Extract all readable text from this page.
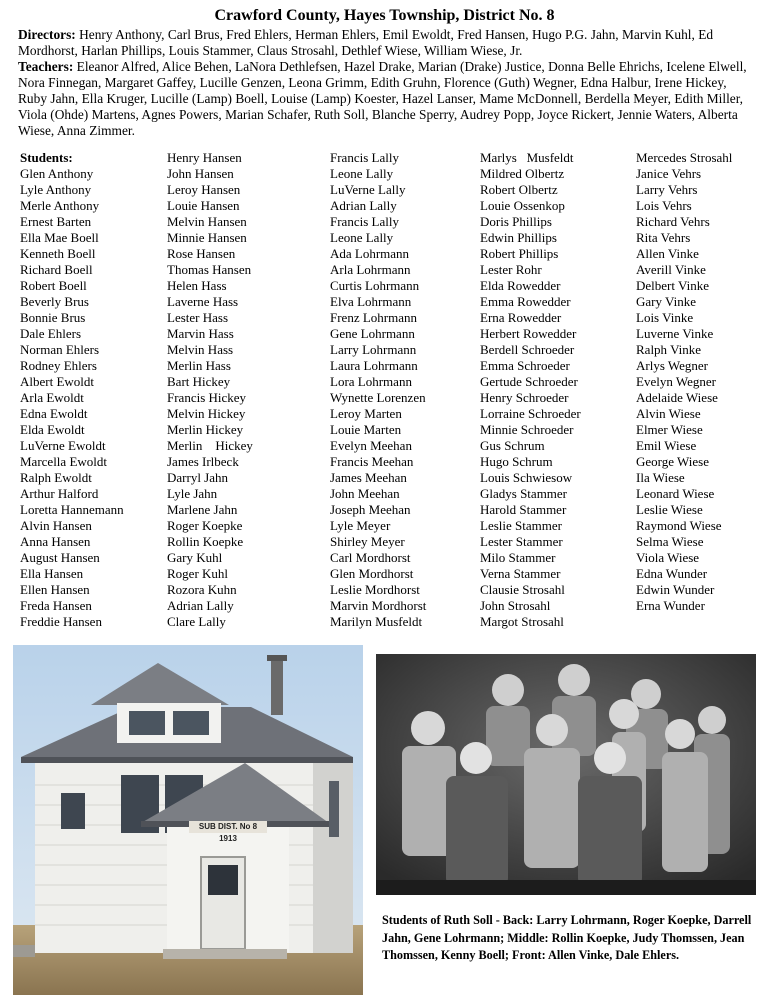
Crawford County, Hayes Township, District No. 8
Directors: Henry Anthony, Carl Brus, Fred Ehlers, Herman Ehlers, Emil Ewoldt, Fred Hansen, Hugo P.G. Jahn, Marvin Kuhl, Ed Mordhorst, Harlan Phillips, Louis Stammer, Claus Strosahl, Dethlef Wiese, William Wiese, Jr.
Teachers: Eleanor Alfred, Alice Behen, LaNora Dethlefsen, Hazel Drake, Marian (Drake) Justice, Donna Belle Ehrichs, Icelene Elwell, Nora Finnegan, Margaret Gaffey, Lucille Genzen, Leona Grimm, Edith Gruhn, Florence (Guth) Wegner, Edna Halbur, Irene Hickey, Ruby Jahn, Ella Kruger, Lucille (Lamp) Boell, Louise (Lamp) Koester, Hazel Lanser, Mame McDonnell, Berdella Meyer, Edith Miller, Viola (Ohde) Martens, Agnes Powers, Marian Schafer, Ruth Soll, Blanche Sperry, Audrey Popp, Joyce Rickert, Jennie Waters, Alberta Wiese, Anna Zimmer.
Students:
Glen Anthony
Lyle Anthony
Merle Anthony
Ernest Barten
Ella Mae Boell
Kenneth Boell
Richard Boell
Robert Boell
Beverly Brus
Bonnie Brus
Dale Ehlers
Norman Ehlers
Rodney Ehlers
Albert Ewoldt
Arla Ewoldt
Edna Ewoldt
Elda Ewoldt
LuVerne Ewoldt
Marcella Ewoldt
Ralph Ewoldt
Arthur Halford
Loretta Hannemann
Alvin Hansen
Anna Hansen
August Hansen
Ella Hansen
Ellen Hansen
Freda Hansen
Freddie Hansen
Henry Hansen
John Hansen
Leroy Hansen
Louie Hansen
Melvin Hansen
Minnie Hansen
Rose Hansen
Thomas Hansen
Helen Hass
Laverne Hass
Lester Hass
Marvin Hass
Melvin Hass
Merlin Hass
Bart Hickey
Francis Hickey
Melvin Hickey
Merlin Hickey
Merlin    Hickey
James Irlbeck
Darryl Jahn
Lyle Jahn
Marlene Jahn
Roger Koepke
Rollin Koepke
Gary Kuhl
Roger Kuhl
Rozora Kuhn
Adrian Lally
Clare Lally
Francis Lally
Leone Lally
LuVerne Lally
Adrian Lally
Francis Lally
Leone Lally
Ada Lohrmann
Arla Lohrmann
Curtis Lohrmann
Elva Lohrmann
Frenz Lohrmann
Gene Lohrmann
Larry Lohrmann
Laura Lohrmann
Lora Lohrmann
Wynette Lorenzen
Leroy Marten
Louie Marten
Evelyn Meehan
Francis Meehan
James Meehan
John Meehan
Joseph Meehan
Lyle Meyer
Shirley Meyer
Carl Mordhorst
Glen Mordhorst
Leslie Mordhorst
Marvin Mordhorst
Marilyn Musfeldt
Marlys   Musfeldt
Mildred Olbertz
Robert Olbertz
Louie Ossenkop
Doris Phillips
Edwin Phillips
Robert Phillips
Lester Rohr
Elda Rowedder
Emma Rowedder
Erna Rowedder
Herbert Rowedder
Berdell Schroeder
Emma Schroeder
Gertude Schroeder
Henry Schroeder
Lorraine Schroeder
Minnie Schroeder
Gus Schrum
Hugo Schrum
Louis Schwiesow
Gladys Stammer
Harold Stammer
Leslie Stammer
Lester Stammer
Milo Stammer
Verna Stammer
Clausie Strosahl
John Strosahl
Margot Strosahl
Mercedes Strosahl
Janice Vehrs
Larry Vehrs
Lois Vehrs
Richard Vehrs
Rita Vehrs
Allen Vinke
Averill Vinke
Delbert Vinke
Gary Vinke
Lois Vinke
Luverne Vinke
Ralph Vinke
Arlys Wegner
Evelyn Wegner
Adelaide Wiese
Alvin Wiese
Elmer Wiese
Emil Wiese
George Wiese
Ila Wiese
Leonard Wiese
Leslie Wiese
Raymond Wiese
Selma Wiese
Viola Wiese
Edna Wunder
Edwin Wunder
Erna Wunder
SUB DIST. No 8 1913
Students of Ruth Soll - Back: Larry Lohrmann, Roger Koepke, Darrell Jahn, Gene Lohrmann; Middle: Rollin Koepke, Judy Thomssen, Jean Thomssen, Kenny Boell; Front: Allen Vinke, Dale Ehlers.
